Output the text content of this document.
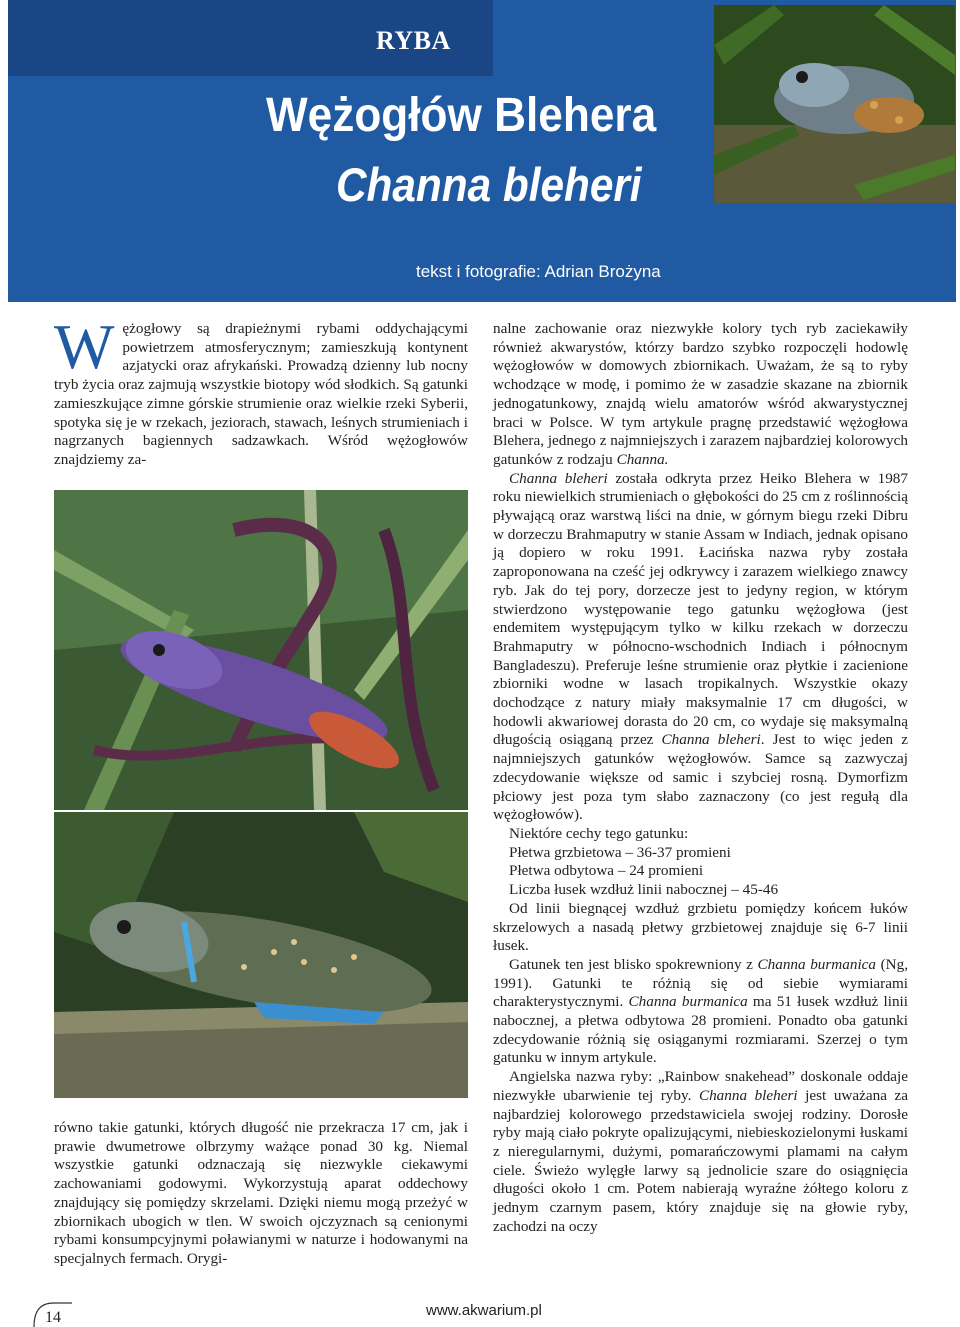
RYBA
Wężogłów Blehera
Channa bleheri
tekst i fotografie: Adrian Brożyna

Wężogłowy są drapieżnymi rybami oddychającymi powietrzem atmosferycznym; zamieszkują kontynent azjatycki oraz afrykański. Prowadzą dzienny lub nocny tryb życia oraz zajmują wszystkie biotopy wód słodkich. Są gatunki zamieszkujące zimne górskie strumienie oraz wielkie rzeki Syberii, spotyka się je w rzekach, jeziorach, stawach, leśnych strumieniach i nagrzanych bagiennych sadzawkach. Wśród wężogłowów znajdziemy za-

równo takie gatunki, których długość nie przekracza 17 cm, jak i prawie dwumetrowe olbrzymy ważące ponad 30 kg. Niemal wszystkie gatunki odznaczają się niezwykle ciekawymi zachowaniami godowymi. Wykorzystują aparat oddechowy znajdujący się pomiędzy skrzelami. Dzięki niemu mogą przeżyć w zbiornikach ubogich w tlen. W swoich ojczyznach są cenionymi rybami konsumpcyjnymi poławianymi w naturze i hodowanymi na specjalnych fermach. Orygi-

nalne zachowanie oraz niezwykłe kolory tych ryb zaciekawiły również akwarystów, którzy bardzo szybko rozpoczęli hodowlę wężogłowów w domowych zbiornikach. Uważam, że są to ryby wchodzące w modę, i pomimo że w zasadzie skazane na zbiornik jednogatunkowy, znajdą wielu amatorów wśród akwarystycznej braci w Polsce. W tym artykule pragnę przedstawić wężogłowa Blehera, jednego z najmniejszych i zarazem najbardziej kolorowych gatunków z rodzaju Channa.

Channa bleheri została odkryta przez Heiko Blehera w 1987 roku niewielkich strumieniach o głębokości do 25 cm z roślinnością pływającą oraz warstwą liści na dnie, w górnym biegu rzeki Dibru w dorzeczu Brahmaputry w stanie Assam w Indiach, jednak opisano ją dopiero w roku 1991. Łacińska nazwa ryby została zaproponowana na cześć jej odkrywcy i zarazem wielkiego znawcy ryb. Jak do tej pory, dorzecze jest to jedyny region, w którym stwierdzono występowanie tego gatunku wężogłowa (jest endemitem występującym tylko w kilku rzekach w dorzeczu Brahmaputry w północno-wschodnich Indiach i północnym Bangladeszu). Preferuje leśne strumienie oraz płytkie i zacienione zbiorniki wodne w lasach tropikalnych. Wszystkie okazy dochodzące z natury miały maksymalnie 17 cm długości, w hodowli akwariowej dorasta do 20 cm, co wydaje się maksymalną długością osiąganą przez Channa bleheri. Jest to więc jeden z najmniejszych gatunków wężogłowów. Samce są zazwyczaj zdecydowanie większe od samic i szybciej rosną. Dymorfizm płciowy jest poza tym słabo zaznaczony (co jest regułą dla wężogłowów).

Niektóre cechy tego gatunku:

Płetwa grzbietowa – 36-37 promieni

Płetwa odbytowa – 24 promieni

Liczba łusek wzdłuż linii nabocznej – 45-46

Od linii biegnącej wzdłuż grzbietu pomiędzy końcem łuków skrzelowych a nasadą płetwy grzbietowej znajduje się 6-7 linii łusek.

Gatunek ten jest blisko spokrewniony z Channa burmanica (Ng, 1991). Gatunki te różnią się od siebie wymiarami charakterystycznymi. Channa burmanica ma 51 łusek wzdłuż linii nabocznej, a płetwa odbytowa 28 promieni. Ponadto oba gatunki zdecydowanie różnią się osiąganymi rozmiarami. Szerzej o tym gatunku w innym artykule.

Angielska nazwa ryby: „Rainbow snakehead” doskonale oddaje niezwykłe ubarwienie tej ryby. Channa bleheri jest uważana za najbardziej kolorowego przedstawiciela swojej rodziny. Dorosłe ryby mają ciało pokryte opalizującymi, niebieskozielonymi łuskami z nieregularnymi, dużymi, pomarańczowymi plamami na całym ciele. Świeżo wylęgłe larwy są jednolicie szare do osiągnięcia długości około 1 cm. Potem nabierają wyraźne żółtego koloru z jednym czarnym pasem, który znajduje się na głowie ryby, zachodzi na oczy

14	www.akwarium.pl
